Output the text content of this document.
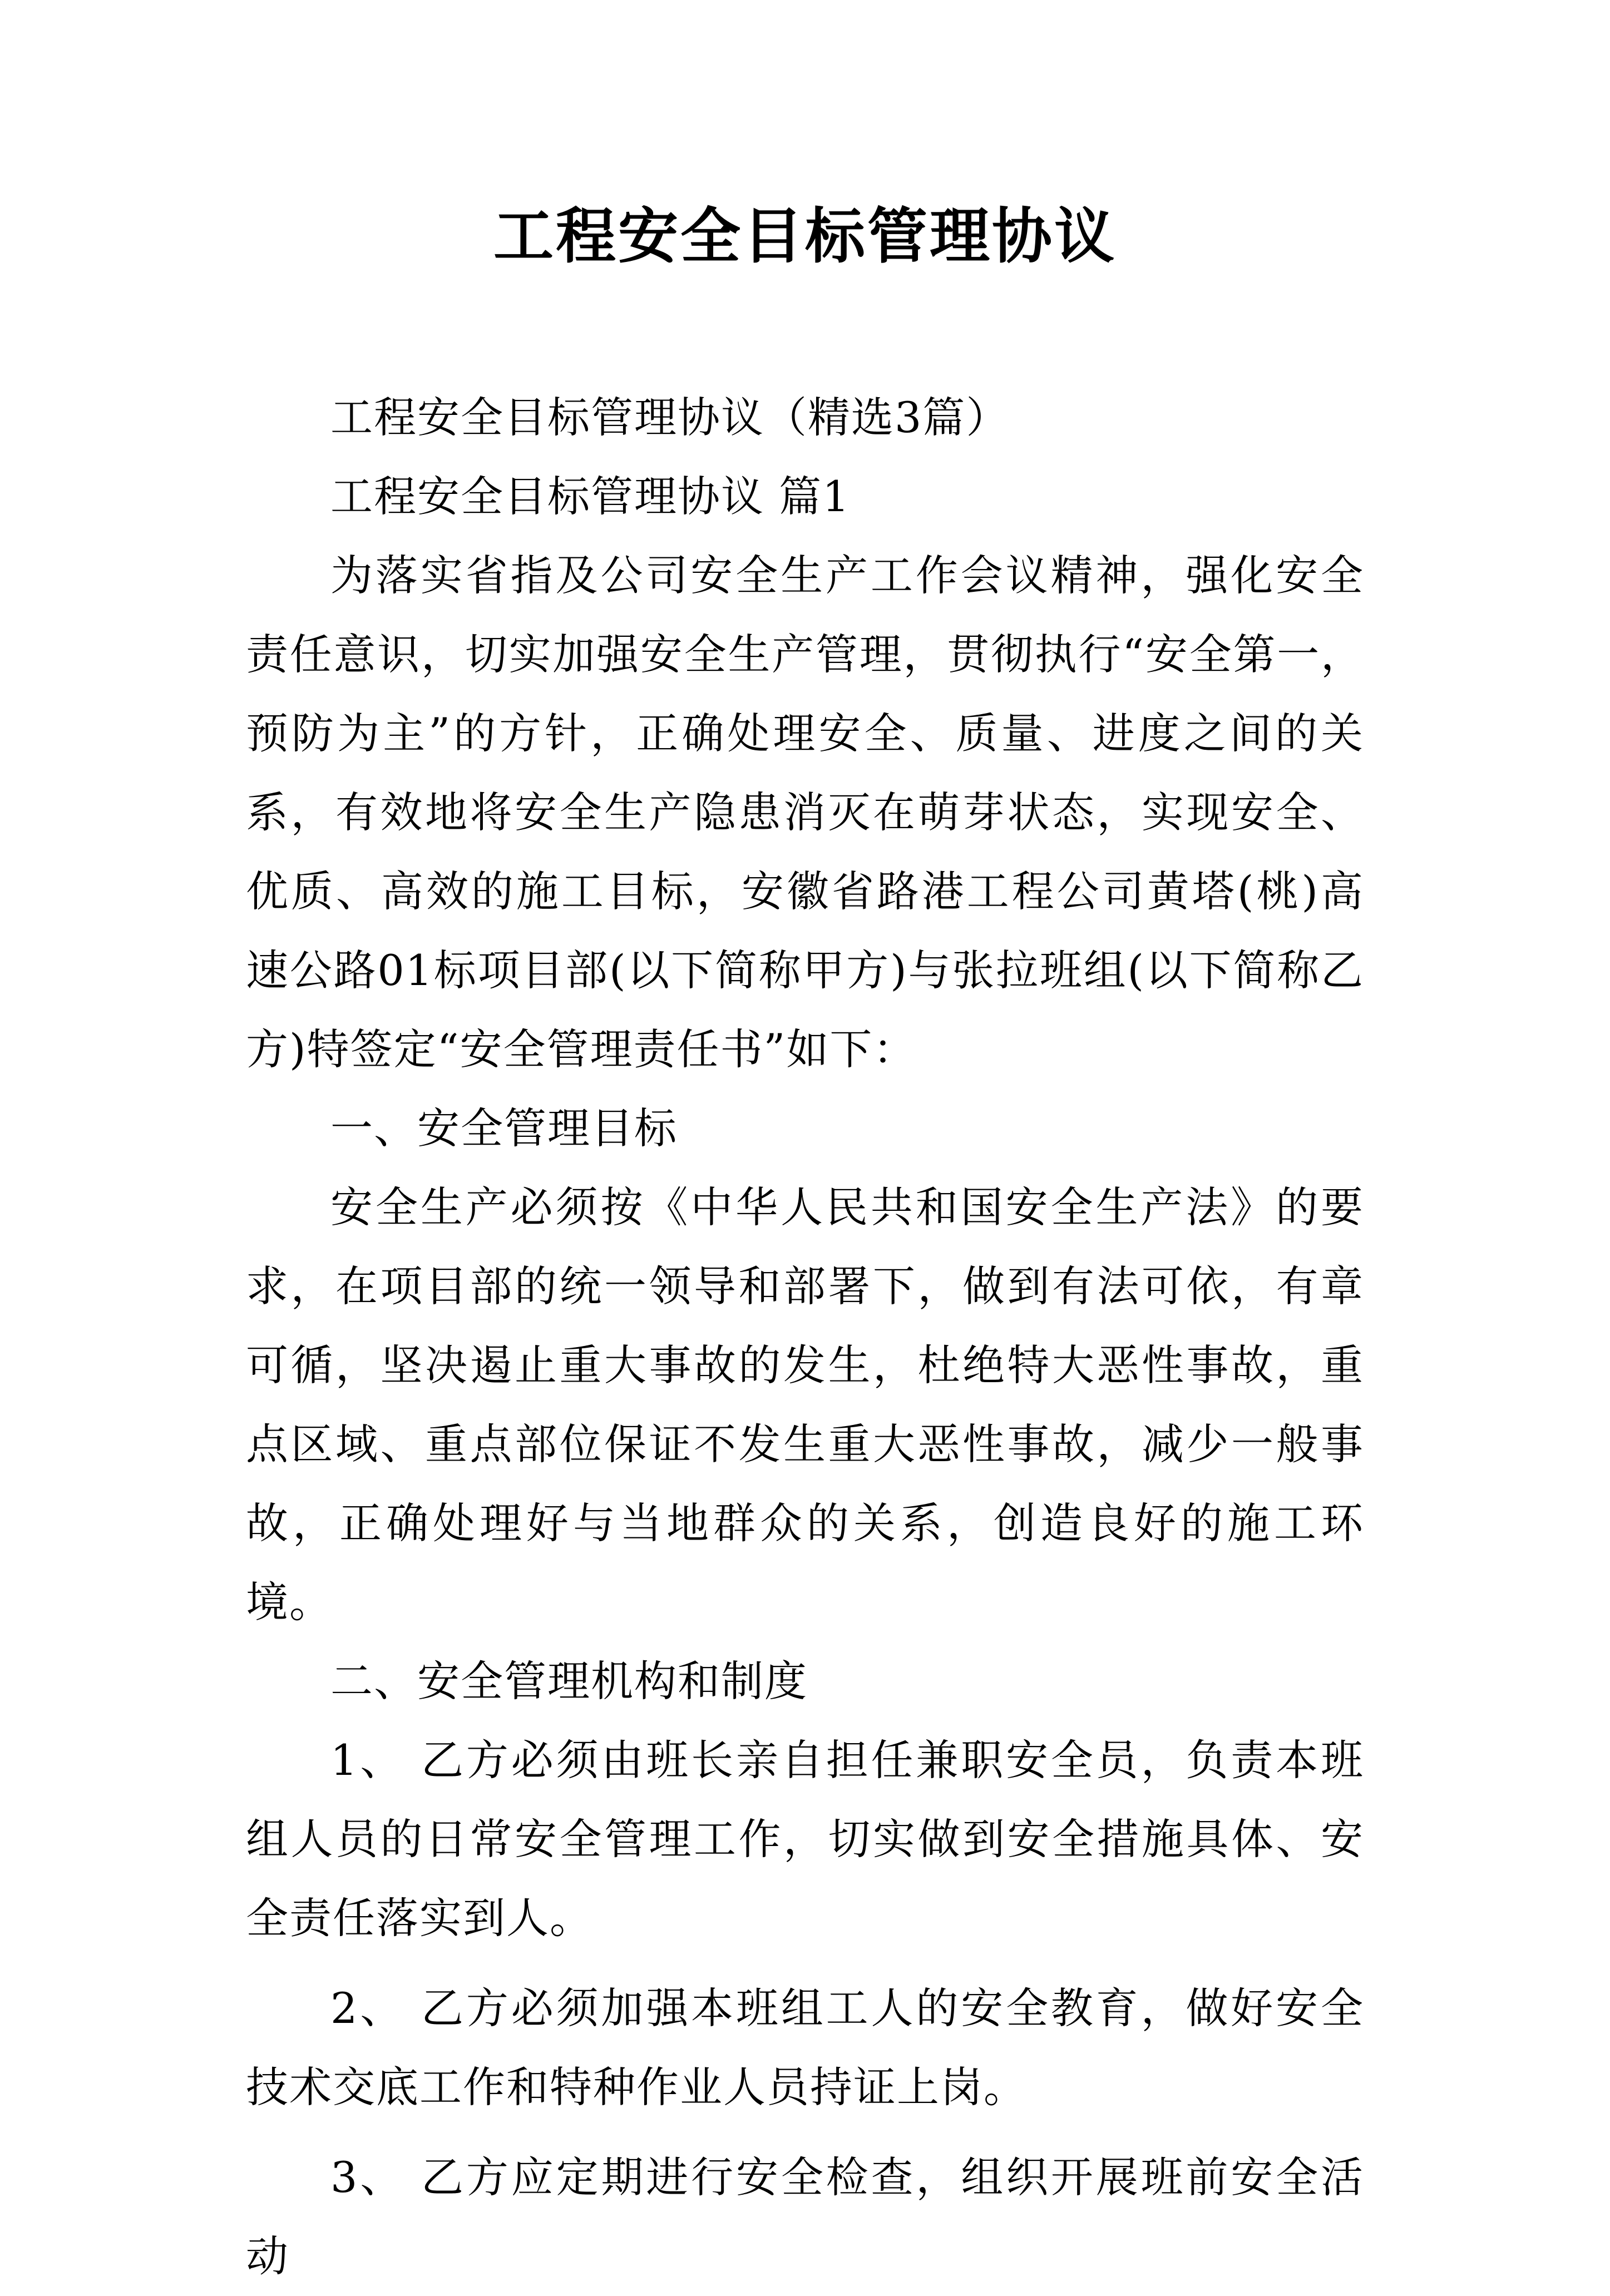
工程安全目标管理协议

工程安全目标管理协议（精选3篇）

工程安全目标管理协议 篇1

为落实省指及公司安全生产工作会议精神，强化安全责任意识，切实加强安全生产管理，贯彻执行“安全第一，预防为主”的方针，正确处理安全、质量、进度之间的关系，有效地将安全生产隐患消灭在萌芽状态，实现安全、优质、高效的施工目标，安徽省路港工程公司黄塔(桃)高速公路01标项目部(以下简称甲方)与张拉班组(以下简称乙方)特签定“安全管理责任书”如下：

一、安全管理目标

安全生产必须按《中华人民共和国安全生产法》的要求，在项目部的统一领导和部署下，做到有法可依，有章可循，坚决遏止重大事故的发生，杜绝特大恶性事故，重点区域、重点部位保证不发生重大恶性事故，减少一般事故，正确处理好与当地群众的关系，创造良好的施工环境。

二、安全管理机构和制度

1、 乙方必须由班长亲自担任兼职安全员，负责本班组人员的日常安全管理工作，切实做到安全措施具体、安全责任落实到人。

2、 乙方必须加强本班组工人的安全教育，做好安全技术交底工作和特种作业人员持证上岗。

3、 乙方应定期进行安全检查，组织开展班前安全活动
